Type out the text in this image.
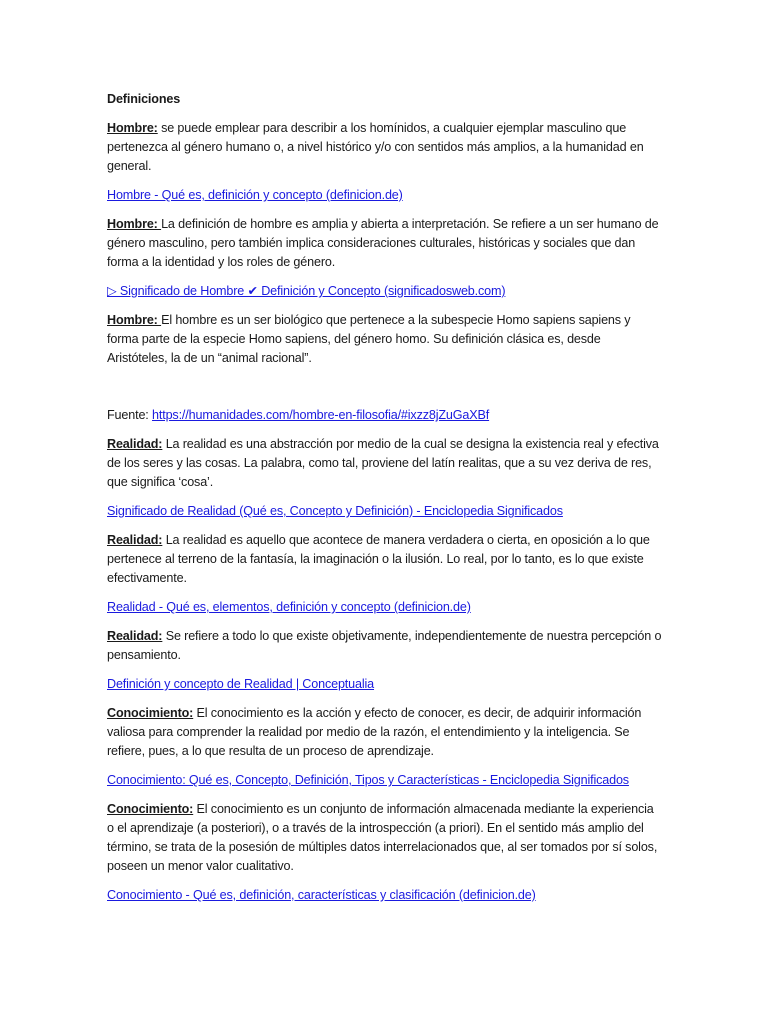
Definiciones

Hombre: se puede emplear para describir a los homínidos, a cualquier ejemplar masculino que pertenezca al género humano o, a nivel histórico y/o con sentidos más amplios, a la humanidad en general.

Hombre - Qué es, definición y concepto (definicion.de)

Hombre: La definición de hombre es amplia y abierta a interpretación. Se refiere a un ser humano de género masculino, pero también implica consideraciones culturales, históricas y sociales que dan forma a la identidad y los roles de género.

▷ Significado de Hombre ✔ Definición y Concepto (significadosweb.com)

Hombre: El hombre es un ser biológico que pertenece a la subespecie Homo sapiens sapiens y forma parte de la especie Homo sapiens, del género homo. Su definición clásica es, desde Aristóteles, la de un “animal racional”.

Fuente: https://humanidades.com/hombre-en-filosofia/#ixzz8jZuGaXBf

Realidad: La realidad es una abstracción por medio de la cual se designa la existencia real y efectiva de los seres y las cosas. La palabra, como tal, proviene del latín realitas, que a su vez deriva de res, que significa ‘cosa’.

Significado de Realidad (Qué es, Concepto y Definición) - Enciclopedia Significados

Realidad: La realidad es aquello que acontece de manera verdadera o cierta, en oposición a lo que pertenece al terreno de la fantasía, la imaginación o la ilusión. Lo real, por lo tanto, es lo que existe efectivamente.

Realidad - Qué es, elementos, definición y concepto (definicion.de)

Realidad: Se refiere a todo lo que existe objetivamente, independientemente de nuestra percepción o pensamiento.

Definición y concepto de Realidad | Conceptualia

Conocimiento: El conocimiento es la acción y efecto de conocer, es decir, de adquirir información valiosa para comprender la realidad por medio de la razón, el entendimiento y la inteligencia. Se refiere, pues, a lo que resulta de un proceso de aprendizaje.

Conocimiento: Qué es, Concepto, Definición, Tipos y Características - Enciclopedia Significados

Conocimiento: El conocimiento es un conjunto de información almacenada mediante la experiencia o el aprendizaje (a posteriori), o a través de la introspección (a priori). En el sentido más amplio del término, se trata de la posesión de múltiples datos interrelacionados que, al ser tomados por sí solos, poseen un menor valor cualitativo.

Conocimiento - Qué es, definición, características y clasificación (definicion.de)
